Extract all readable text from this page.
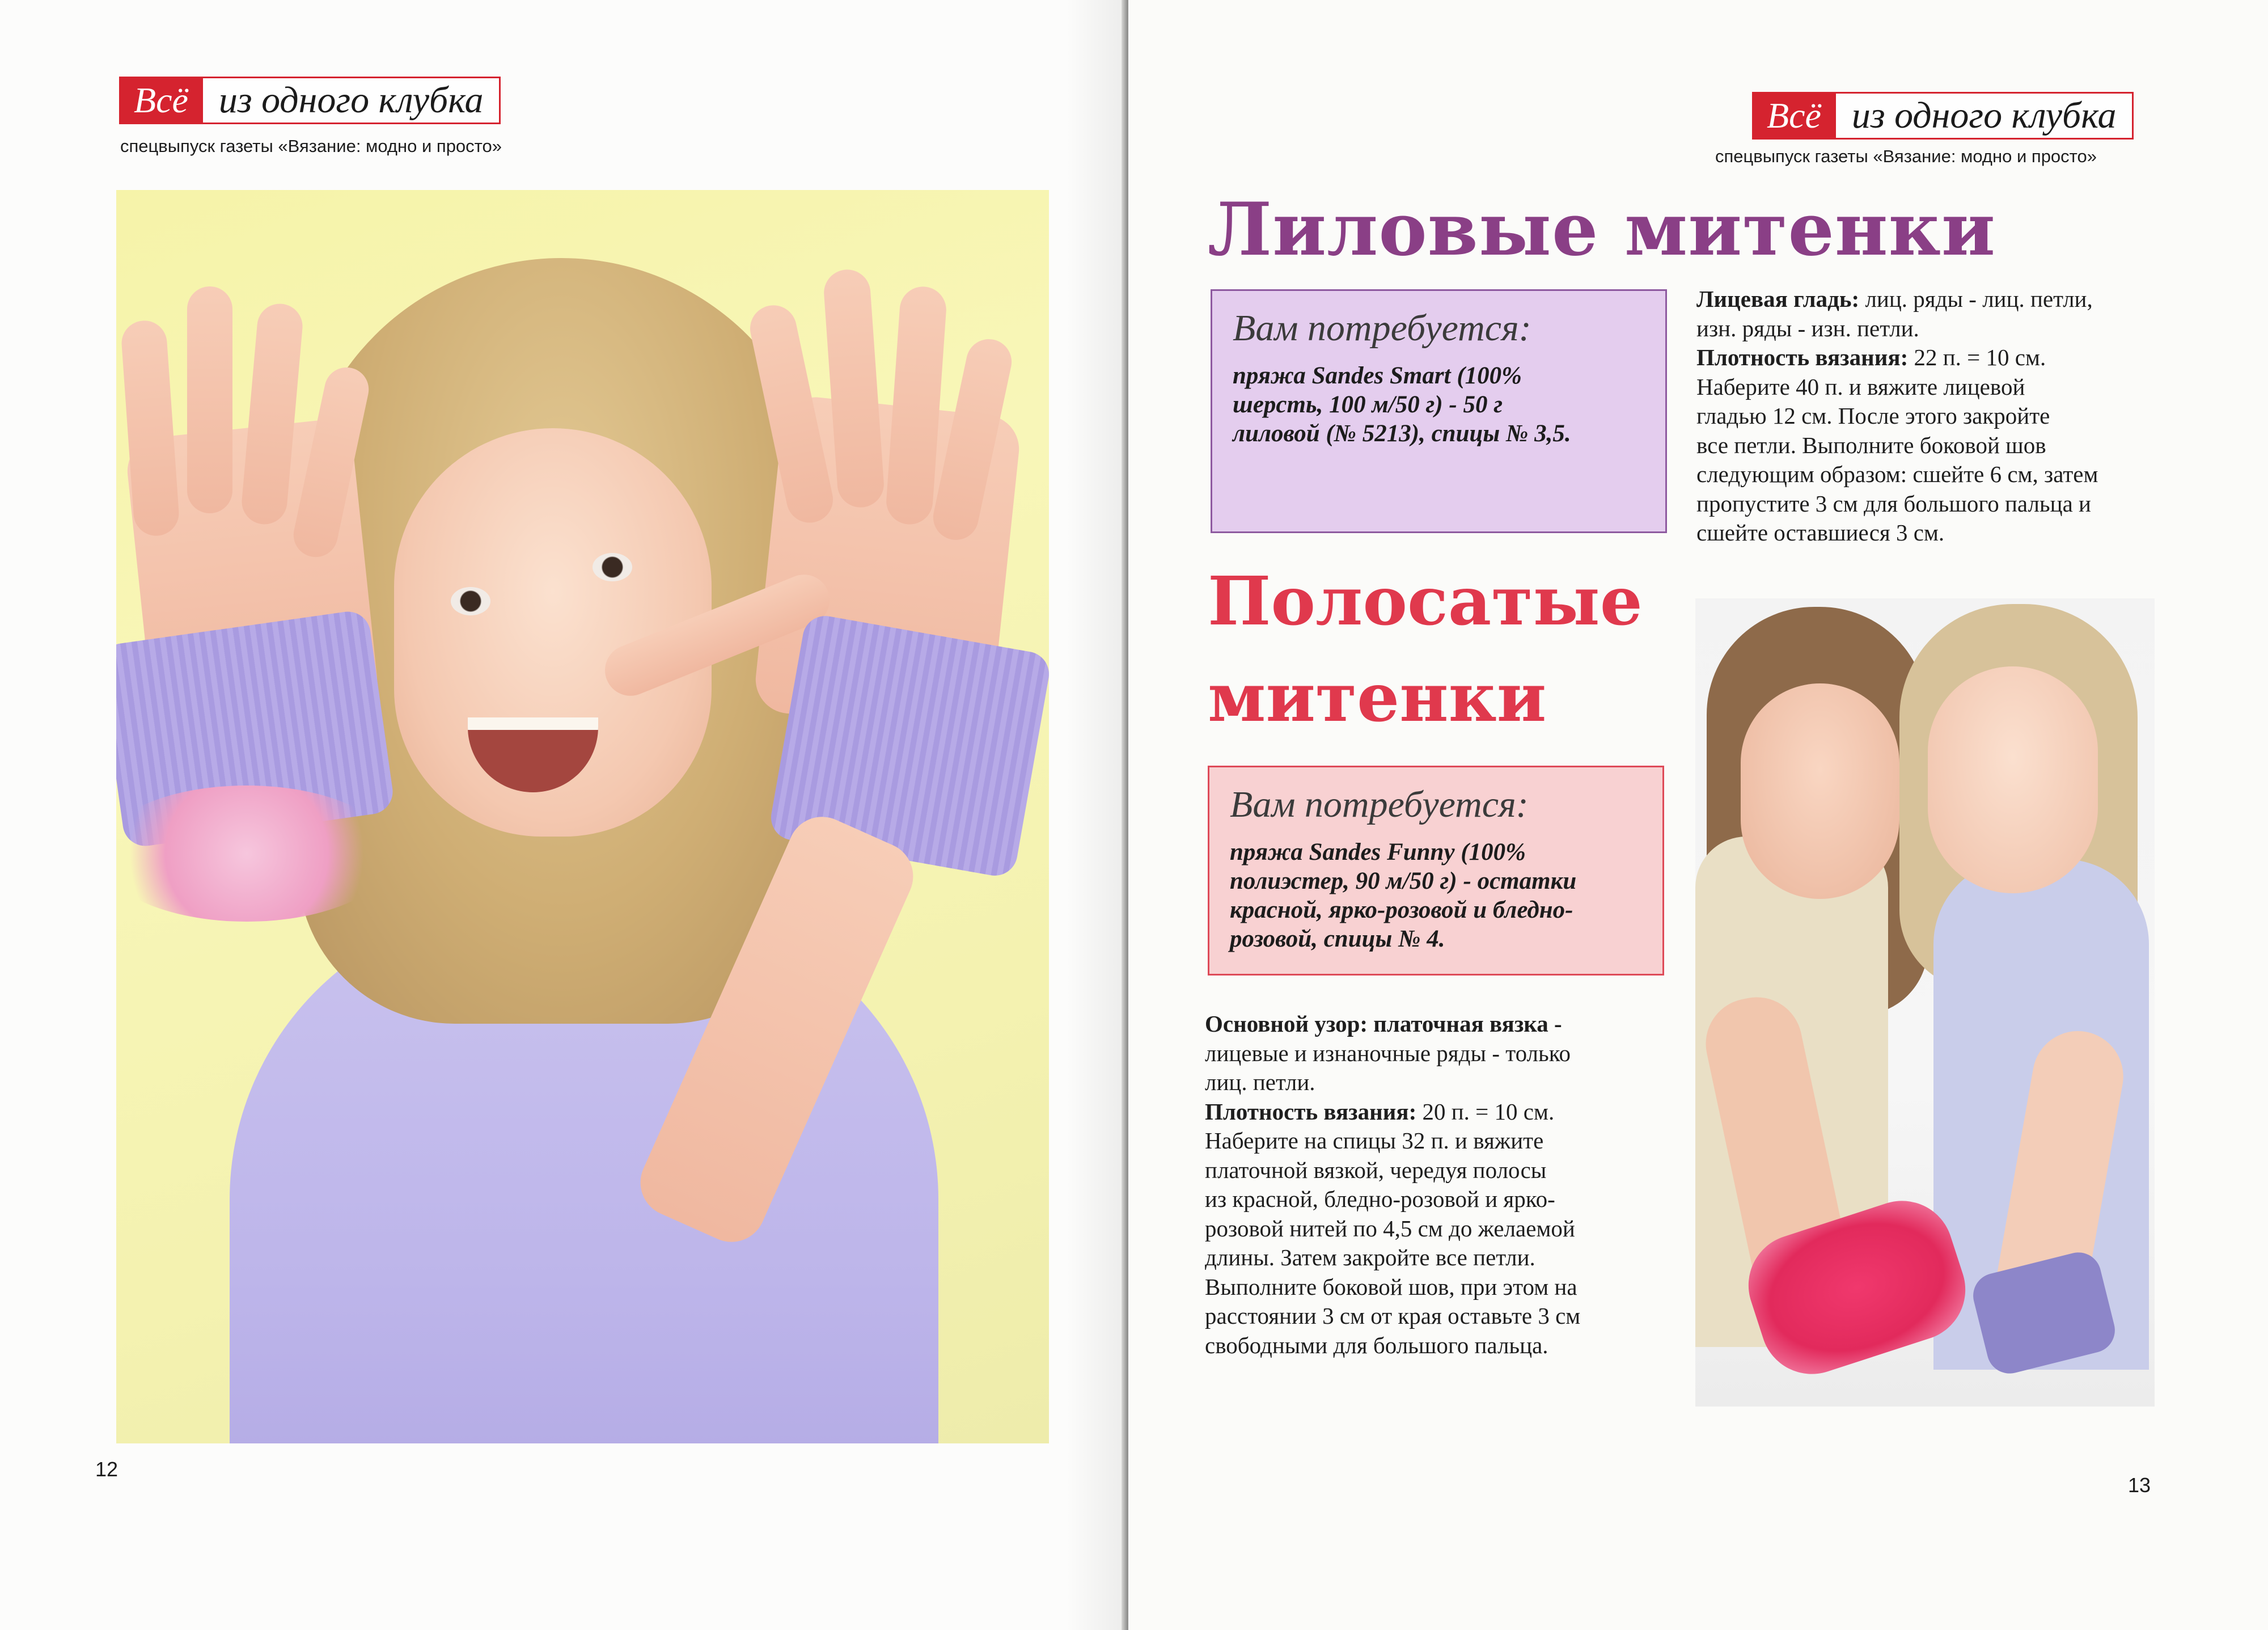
Всё из одного клубка
спецвыпуск газеты «Вязание: модно и просто»
12
Всё из одного клубка
спецвыпуск газеты «Вязание: модно и просто»
Лиловые митенки
Вам потребуется:
пряжа Sandes Smart (100%
шерсть, 100 м/50 г) - 50 г
лиловой (№ 5213), спицы № 3,5.
Лицевая гладь: лиц. ряды - лиц. петли,
изн. ряды - изн. петли.
Плотность вязания: 22 п. = 10 см.
Наберите 40 п. и вяжите лицевой
гладью 12 см. После этого закройте
все петли. Выполните боковой шов
следующим образом: сшейте 6 см, затем
пропустите 3 см для большого пальца и
сшейте оставшиеся 3 см.
Полосатые
митенки
Вам потребуется:
пряжа Sandes Funny (100%
полиэстер, 90 м/50 г) - остатки
красной, ярко-розовой и бледно-
розовой, спицы № 4.
Основной узор: платочная вязка -
лицевые и изнаночные ряды - только
лиц. петли.
Плотность вязания: 20 п. = 10 см.
Наберите на спицы 32 п. и вяжите
платочной вязкой, чередуя полосы
из красной, бледно-розовой и ярко-
розовой нитей по 4,5 см до желаемой
длины. Затем закройте все петли.
Выполните боковой шов, при этом на
расстоянии 3 см от края оставьте 3 см
свободными для большого пальца.
13
